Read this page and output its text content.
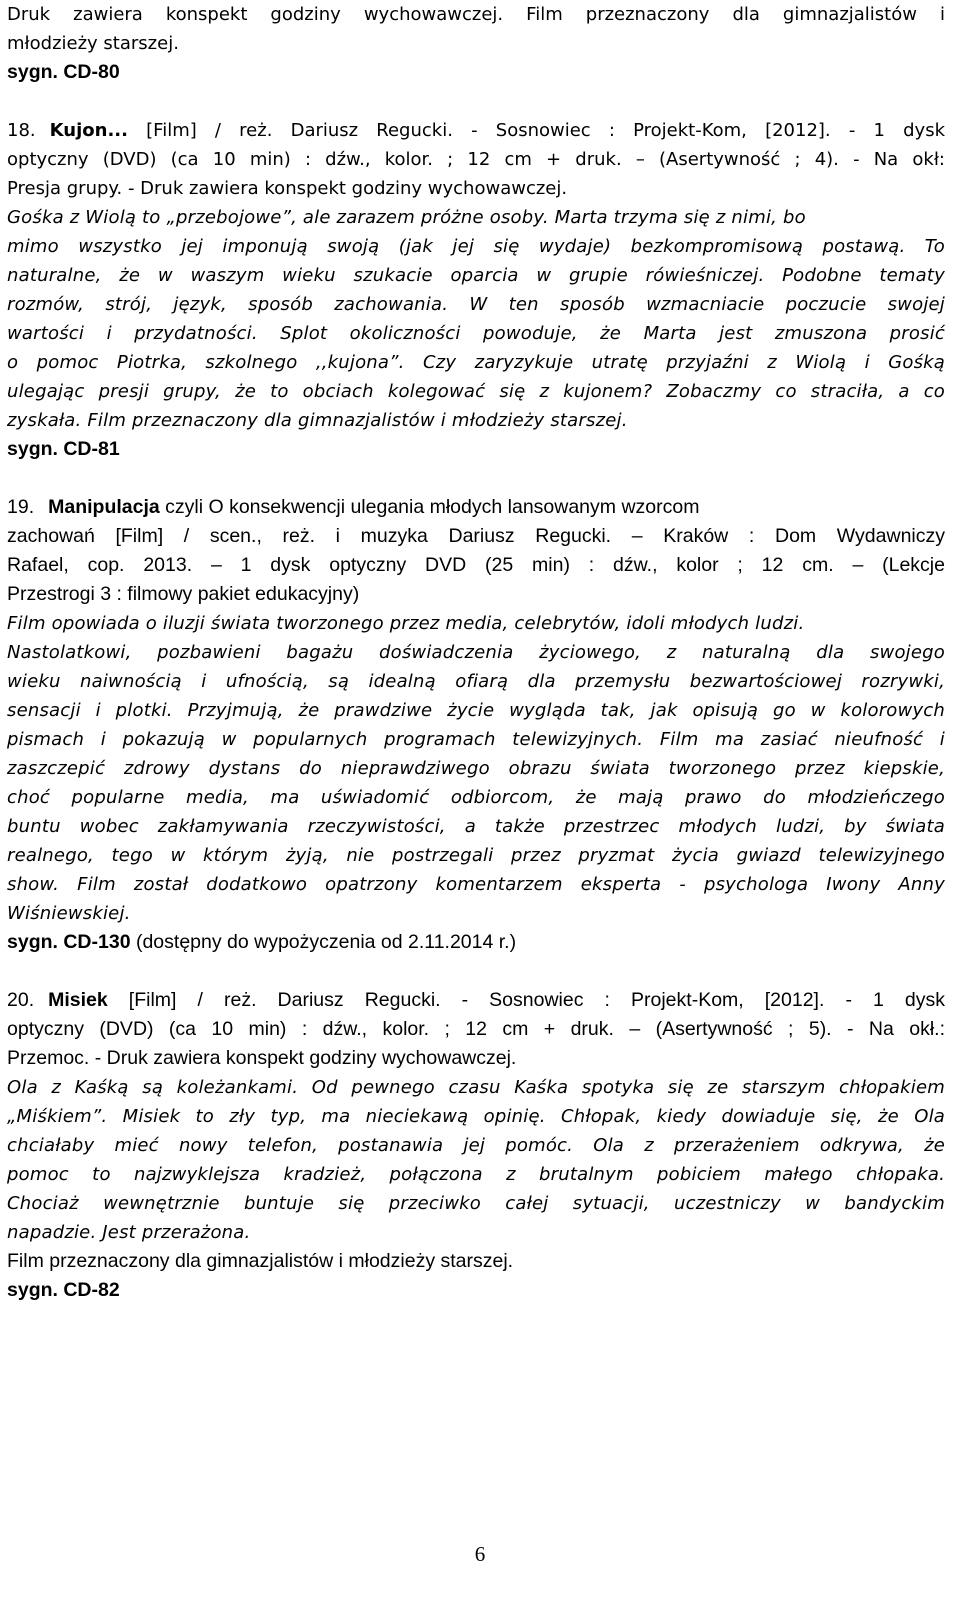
Druk zawiera konspekt godziny wychowawczej. Film przeznaczony dla gimnazjalistów i
młodzieży starszej.
sygn. CD-80
18. Kujon... [Film] / reż. Dariusz Regucki. - Sosnowiec : Projekt-Kom, [2012]. - 1 dysk
optyczny (DVD) (ca 10 min) : dźw., kolor. ; 12 cm + druk. – (Asertywność ; 4). - Na okł:
Presja grupy. - Druk zawiera konspekt godziny wychowawczej.
Gośka z Wiolą to „przebojowe”, ale zarazem próżne osoby. Marta trzyma się z nimi, bo
mimo wszystko jej imponują swoją (jak jej się wydaje) bezkompromisową postawą. To
naturalne, że w waszym wieku szukacie oparcia w grupie rówieśniczej. Podobne tematy
rozmów, strój, język, sposób zachowania. W ten sposób wzmacniacie poczucie swojej
wartości i przydatności. Splot okoliczności powoduje, że Marta jest zmuszona prosić
o pomoc Piotrka, szkolnego ,,kujona”. Czy zaryzykuje utratę przyjaźni z Wiolą i Gośką
ulegając presji grupy, że to obciach kolegować się z kujonem? Zobaczmy co straciła, a co
zyskała. Film przeznaczony dla gimnazjalistów i młodzieży starszej.
sygn. CD-81
19. Manipulacja czyli O konsekwencji ulegania młodych lansowanym wzorcom
zachowań [Film] / scen., reż. i muzyka Dariusz Regucki. – Kraków : Dom Wydawniczy
Rafael, cop. 2013. – 1 dysk optyczny DVD (25 min) : dźw., kolor ; 12 cm. – (Lekcje
Przestrogi 3 : filmowy pakiet edukacyjny)
Film opowiada o iluzji świata tworzonego przez media, celebrytów, idoli młodych ludzi.
Nastolatkowi, pozbawieni bagażu doświadczenia życiowego, z naturalną dla swojego
wieku naiwnością i ufnością, są idealną ofiarą dla przemysłu bezwartościowej rozrywki,
sensacji i plotki. Przyjmują, że prawdziwe życie wygląda tak, jak opisują go w kolorowych
pismach i pokazują w popularnych programach telewizyjnych. Film ma zasiać nieufność i
zaszczepić zdrowy dystans do nieprawdziwego obrazu świata tworzonego przez kiepskie,
choć popularne media, ma uświadomić odbiorcom, że mają prawo do młodzieńczego
buntu wobec zakłamywania rzeczywistości, a także przestrzec młodych ludzi, by świata
realnego, tego w którym żyją, nie postrzegali przez pryzmat życia gwiazd telewizyjnego
show. Film został dodatkowo opatrzony komentarzem eksperta - psychologa Iwony Anny
Wiśniewskiej.
sygn. CD-130 (dostępny do wypożyczenia od 2.11.2014 r.)
20. Misiek [Film] / reż. Dariusz Regucki. - Sosnowiec : Projekt-Kom, [2012]. - 1 dysk
optyczny (DVD) (ca 10 min) : dźw., kolor. ; 12 cm + druk. – (Asertywność ; 5). - Na okł.:
Przemoc. - Druk zawiera konspekt godziny wychowawczej.
Ola z Kaśką są koleżankami. Od pewnego czasu Kaśka spotyka się ze starszym chłopakiem
„Miśkiem”. Misiek to zły typ, ma nieciekawą opinię. Chłopak, kiedy dowiaduje się, że Ola
chciałaby mieć nowy telefon, postanawia jej pomóc. Ola z przerażeniem odkrywa, że
pomoc to najzwyklejsza kradzież, połączona z brutalnym pobiciem małego chłopaka.
Chociaż wewnętrznie buntuje się przeciwko całej sytuacji, uczestniczy w bandyckim
napadzie. Jest przerażona.
Film przeznaczony dla gimnazjalistów i młodzieży starszej.
sygn. CD-82
6
